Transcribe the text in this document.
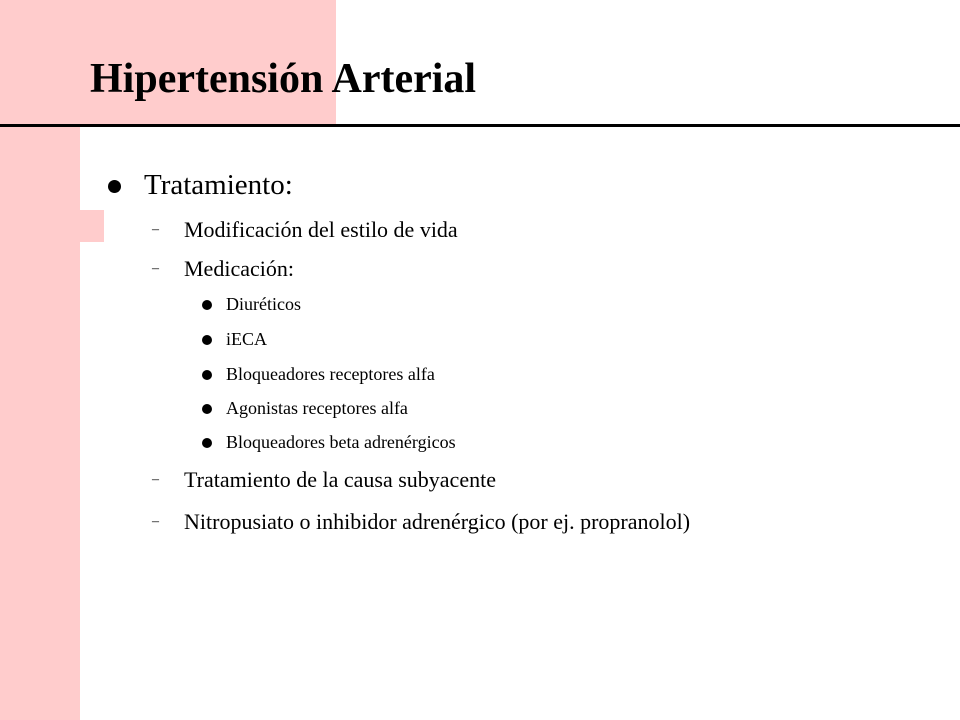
Hipertensión Arterial
Tratamiento:
– Modificación del estilo de vida
– Medicación:
Diuréticos
iECA
Bloqueadores receptores alfa
Agonistas receptores alfa
Bloqueadores beta adrenérgicos
– Tratamiento de la causa subyacente
– Nitropusiato o inhibidor adrenérgico (por ej. propranolol)
